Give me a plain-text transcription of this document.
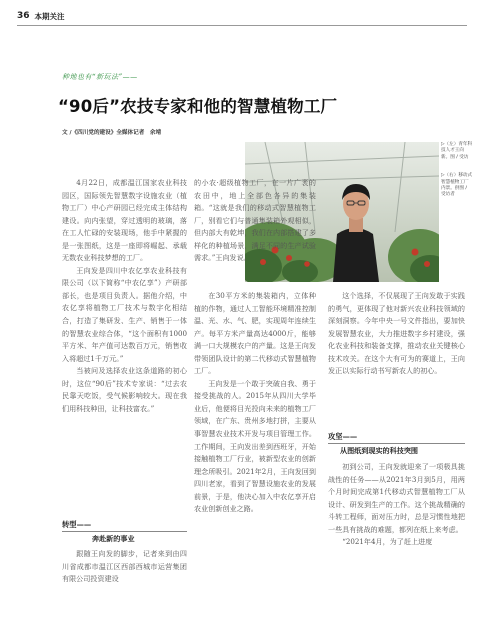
36 本期关注
种地也有“新玩法”——
“90后”农技专家和他的智慧植物工厂
文 /《四川党的建设》全媒体记者　余靖
▷（左）青年科技人才王向新。图 / 受访
▷（右）移动式智慧植物工厂内景。供图 / 受访者

4月22日，成都温江国家农业科技园区，国际领先智慧数字设施农业（植物工厂）中心产研园已经完成主体结构建设。向内张望，穿过透明的玻璃，落在工人忙碌的安装现场，他手中紧握的是一张图纸，这是一座即将崛起、承载无数农业科技梦想的工厂。

王向发是四川中农亿享农业科技有限公司（以下简称“中农亿享”）产研部部长，也是项目负责人。据他介绍，中农亿享将植物工厂技术与数字化相结合，打造了集研发、生产、销售于一体的智慧农业综合体，“这个面积有1000平方米、年产值可达数百万元，销售收入将超过1千万元。”

当被问及选择农业这条道路的初心时，这位“90后”技术专家说：“过去农民靠天吃饭，受气候影响较大。现在我们用科技种田，让科技富农。”

转型——
奔赴新的事业

跟随王向发的脚步，记者来到由四川省成都市温江区西部西城市运营集团有限公司投资建设

的小农·超级植物工厂，在一片广袤的农田中，地上全部色各异的集装箱。“这就是我们的移动式智慧植物工厂，别看它们与普通集装箱外观相似，但内部大有乾坤，我们在内部搭建了多样化的种植场景，满足不同的生产试验需求。”王向发说。

在30平方米的集装箱内，立体种植的作物，通过人工智能环境精准控制温、光、水、气、肥，实现周年连续生产。每平方米产量高达4000斤，能够满一口大规模农户的产量。这是王向发带领团队设计的第二代移动式智慧植物工厂。

王向发是一个敢于突破自我、勇于接受挑战的人。2015年从四川大学毕业后，他便将目光投向未来的植物工厂领域，在广东、贵州多地打拼，主要从事智慧农业技术开发与项目管理工作。工作期间，王向发出差到西班牙，开始接触植物工厂行业，被新型农业的创新理念所吸引。2021年2月，王向发回到四川老家，看到了智慧设施农业的发展前景，于是，他决心加入中农亿享开启农业创新创业之路。

这个选择，不仅展现了王向发敢于实践的勇气，更体现了他对新兴农业科技领域的深刻洞察。今年中央一号文件指出，要加快发展智慧农业，大力推进数字乡村建设，强化农业科技和装备支撑，推动农业关键核心技术攻关。在这个大有可为的赛道上，王向发正以实际行动书写新农人的初心。

攻坚——
从图纸到现实的科技突围

初到公司，王向发就迎来了一项极具挑战性的任务——从2021年3月到5月，用两个月时间完成第1代移动式智慧植物工厂从设计、研发到生产的工作。这个挑战精确的斗转工程师，面对压力时，总是习惯性地把一些具有挑战的难题，都列在纸上来考虑。

“2021年4月，为了赶上进度
